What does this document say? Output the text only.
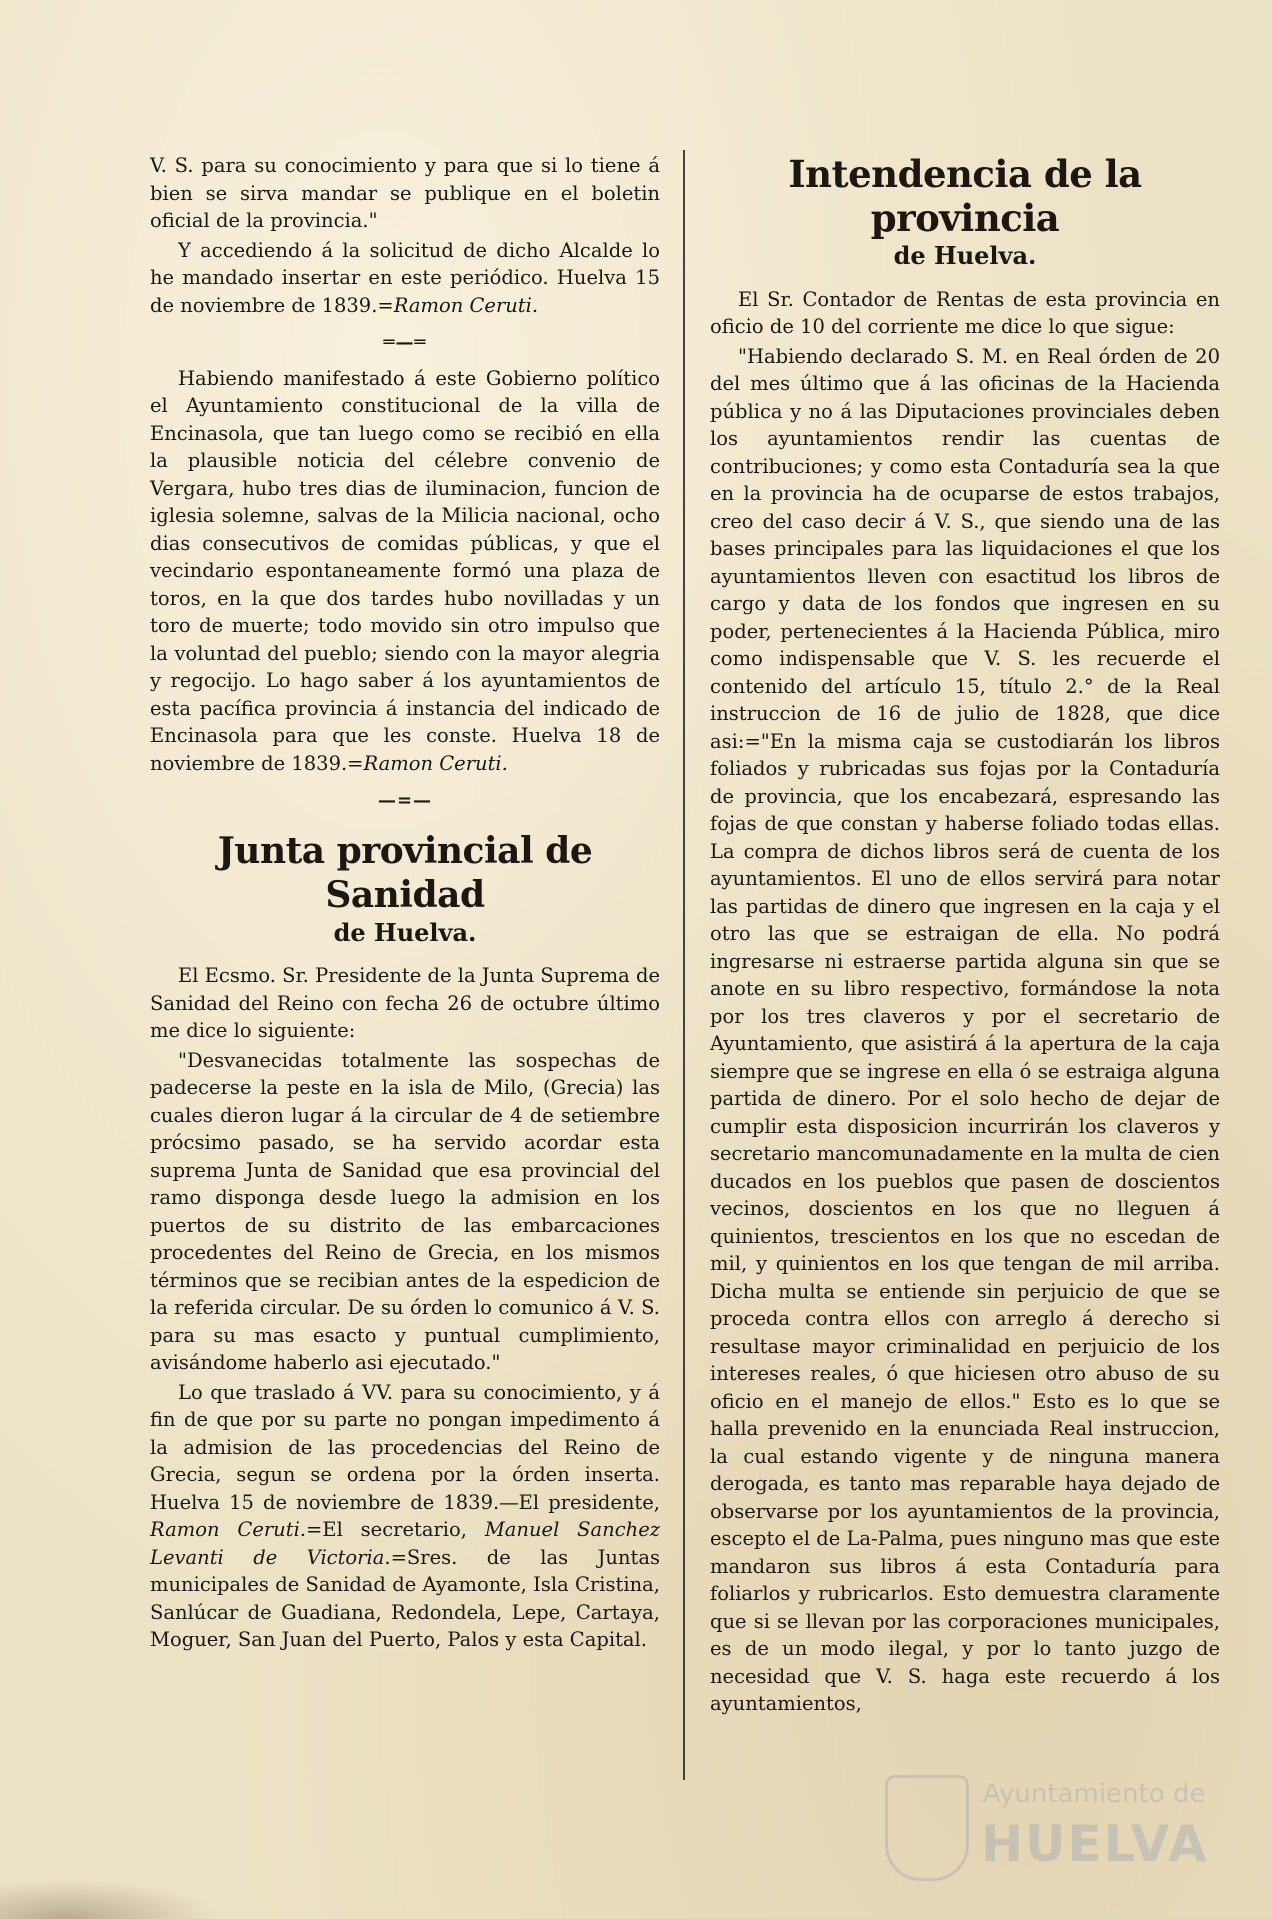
V. S. para su conocimiento y para que si lo tiene á bien se sirva mandar se publique en el boletin oficial de la provincia."

Y accediendo á la solicitud de dicho Alcalde lo he mandado insertar en este periódico. Huelva 15 de noviembre de 1839.=Ramon Ceruti.

═—═

Habiendo manifestado á este Gobierno político el Ayuntamiento constitucional de la villa de Encinasola, que tan luego como se recibió en ella la plausible noticia del célebre convenio de Vergara, hubo tres dias de iluminacion, funcion de iglesia solemne, salvas de la Milicia nacional, ocho dias consecutivos de comidas públicas, y que el vecindario espontaneamente formó una plaza de toros, en la que dos tardes hubo novilladas y un toro de muerte; todo movido sin otro impulso que la voluntad del pueblo; siendo con la mayor alegria y regocijo. Lo hago saber á los ayuntamientos de esta pacífica provincia á instancia del indicado de Encinasola para que les conste. Huelva 18 de noviembre de 1839.=Ramon Ceruti.

—=—
Junta provincial de Sanidad
de Huelva.

El Ecsmo. Sr. Presidente de la Junta Suprema de Sanidad del Reino con fecha 26 de octubre último me dice lo siguiente:

"Desvanecidas totalmente las sospechas de padecerse la peste en la isla de Milo, (Grecia) las cuales dieron lugar á la circular de 4 de setiembre prócsimo pasado, se ha servido acordar esta suprema Junta de Sanidad que esa provincial del ramo disponga desde luego la admision en los puertos de su distrito de las embarcaciones procedentes del Reino de Grecia, en los mismos términos que se recibian antes de la espedicion de la referida circular. De su órden lo comunico á V. S. para su mas esacto y puntual cumplimiento, avisándome haberlo asi ejecutado."

Lo que traslado á VV. para su conocimiento, y á fin de que por su parte no pongan impedimento á la admision de las procedencias del Reino de Grecia, segun se ordena por la órden inserta. Huelva 15 de noviembre de 1839.—El presidente, Ramon Ceruti.=El secretario, Manuel Sanchez Levanti de Victoria.=Sres. de las Juntas municipales de Sanidad de Ayamonte, Isla Cristina, Sanlúcar de Guadiana, Redondela, Lepe, Cartaya, Moguer, San Juan del Puerto, Palos y esta Capital.

Intendencia de la provincia
de Huelva.

El Sr. Contador de Rentas de esta provincia en oficio de 10 del corriente me dice lo que sigue:

"Habiendo declarado S. M. en Real órden de 20 del mes último que á las oficinas de la Hacienda pública y no á las Diputaciones provinciales deben los ayuntamientos rendir las cuentas de contribuciones; y como esta Contaduría sea la que en la provincia ha de ocuparse de estos trabajos, creo del caso decir á V. S., que siendo una de las bases principales para las liquidaciones el que los ayuntamientos lleven con esactitud los libros de cargo y data de los fondos que ingresen en su poder, pertenecientes á la Hacienda Pública, miro como indispensable que V. S. les recuerde el contenido del artículo 15, título 2.° de la Real instruccion de 16 de julio de 1828, que dice asi:="En la misma caja se custodiarán los libros foliados y rubricadas sus fojas por la Contaduría de provincia, que los encabezará, espresando las fojas de que constan y haberse foliado todas ellas. La compra de dichos libros será de cuenta de los ayuntamientos. El uno de ellos servirá para notar las partidas de dinero que ingresen en la caja y el otro las que se estraigan de ella. No podrá ingresarse ni estraerse partida alguna sin que se anote en su libro respectivo, formándose la nota por los tres claveros y por el secretario de Ayuntamiento, que asistirá á la apertura de la caja siempre que se ingrese en ella ó se estraiga alguna partida de dinero. Por el solo hecho de dejar de cumplir esta disposicion incurrirán los claveros y secretario mancomunadamente en la multa de cien ducados en los pueblos que pasen de doscientos vecinos, doscientos en los que no lleguen á quinientos, trescientos en los que no escedan de mil, y quinientos en los que tengan de mil arriba. Dicha multa se entiende sin perjuicio de que se proceda contra ellos con arreglo á derecho si resultase mayor criminalidad en perjuicio de los intereses reales, ó que hiciesen otro abuso de su oficio en el manejo de ellos." Esto es lo que se halla prevenido en la enunciada Real instruccion, la cual estando vigente y de ninguna manera derogada, es tanto mas reparable haya dejado de observarse por los ayuntamientos de la provincia, escepto el de La-Palma, pues ninguno mas que este mandaron sus libros á esta Contaduría para foliarlos y rubricarlos. Esto demuestra claramente que si se llevan por las corporaciones municipales, es de un modo ilegal, y por lo tanto juzgo de necesidad que V. S. haga este recuerdo á los ayuntamientos,

Ayuntamiento de
HUELVA
